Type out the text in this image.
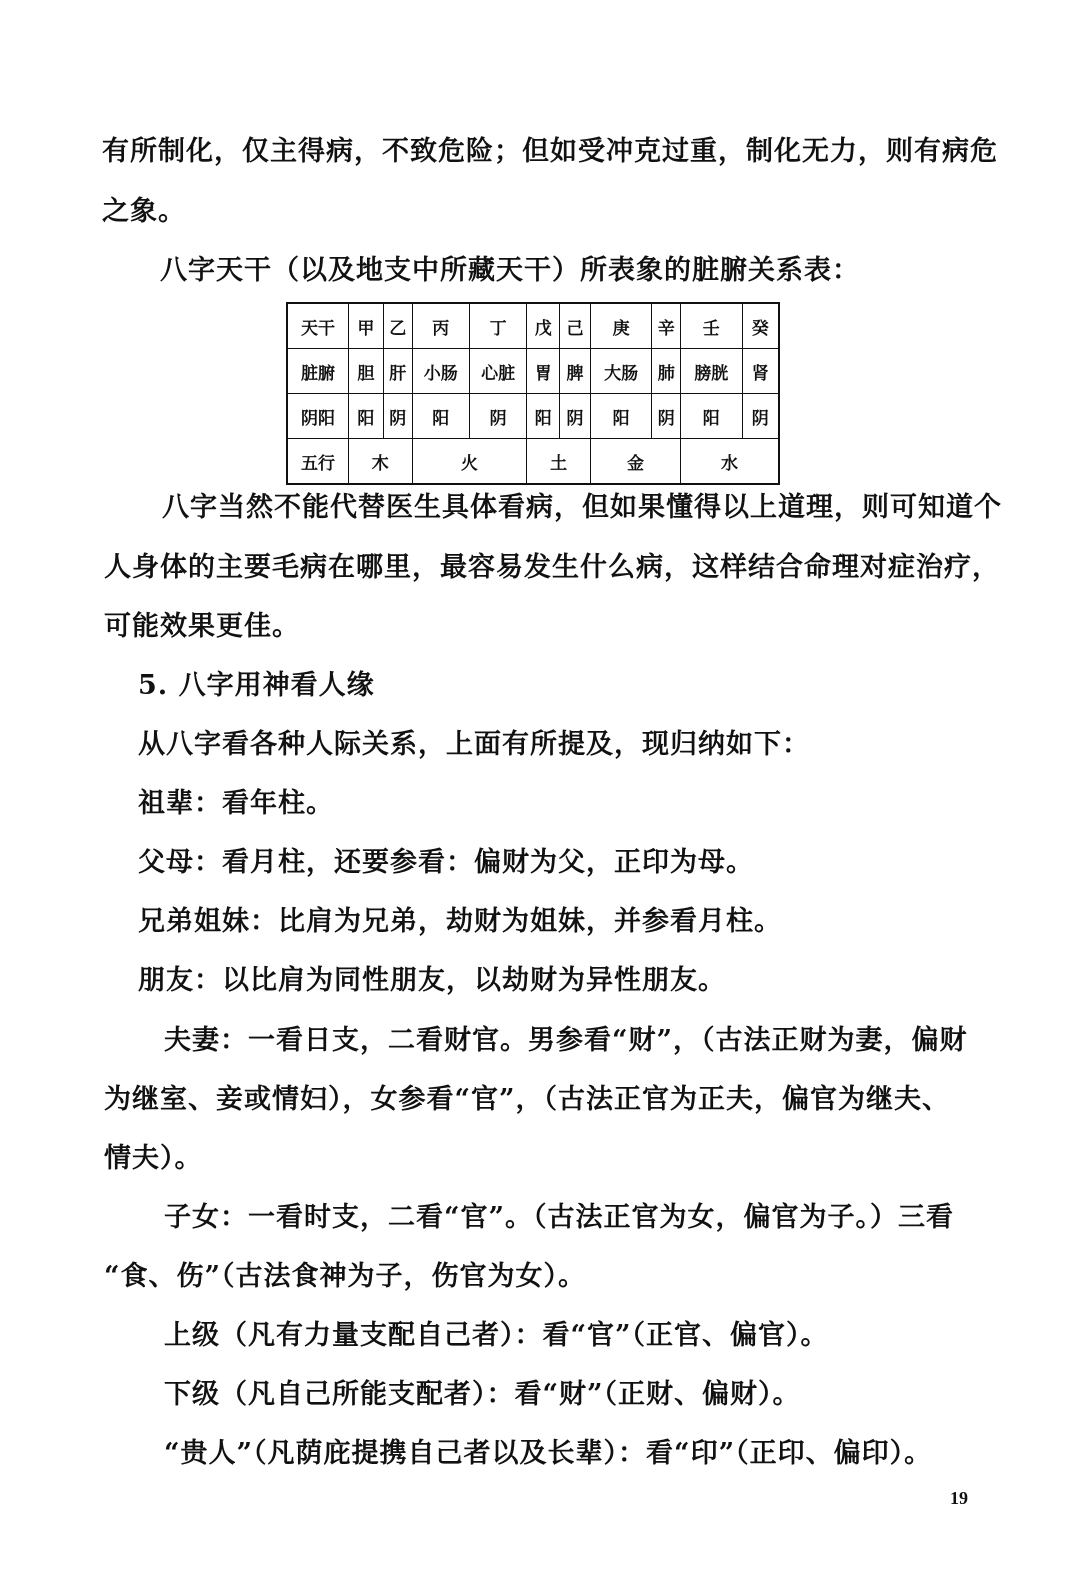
有所制化，仅主得病，不致危险；但如受冲克过重，制化无力，则有病危
之象。
八字天干（以及地支中所藏天干）所表象的脏腑关系表：
天干	甲	乙	丙	丁	戊	己	庚	辛	壬	癸
脏腑	胆	肝	小肠	心脏	胃	脾	大肠	肺	膀胱	肾
阴阳	阳	阴	阳	阴	阳	阴	阳	阴	阳	阴
五行	木		火		土		金		水	
八字当然不能代替医生具体看病，但如果懂得以上道理，则可知道个
人身体的主要毛病在哪里，最容易发生什么病，这样结合命理对症治疗，
可能效果更佳。
5. 八字用神看人缘
从八字看各种人际关系，上面有所提及，现归纳如下：
祖辈：看年柱。
父母：看月柱，还要参看：偏财为父，正印为母。
兄弟姐妹：比肩为兄弟，劫财为姐妹，并参看月柱。
朋友：以比肩为同性朋友，以劫财为异性朋友。
夫妻：一看日支，二看财官。男参看“财”，（古法正财为妻，偏财
为继室、妾或情妇），女参看“官”，（古法正官为正夫，偏官为继夫、
情夫）。
子女：一看时支，二看“官”。（古法正官为女，偏官为子。）三看
“食、伤”（古法食神为子，伤官为女）。
上级（凡有力量支配自己者）：看“官”（正官、偏官）。
下级（凡自己所能支配者）：看“财”（正财、偏财）。
“贵人”（凡荫庇提携自己者以及长辈）：看“印”（正印、偏印）。
19
